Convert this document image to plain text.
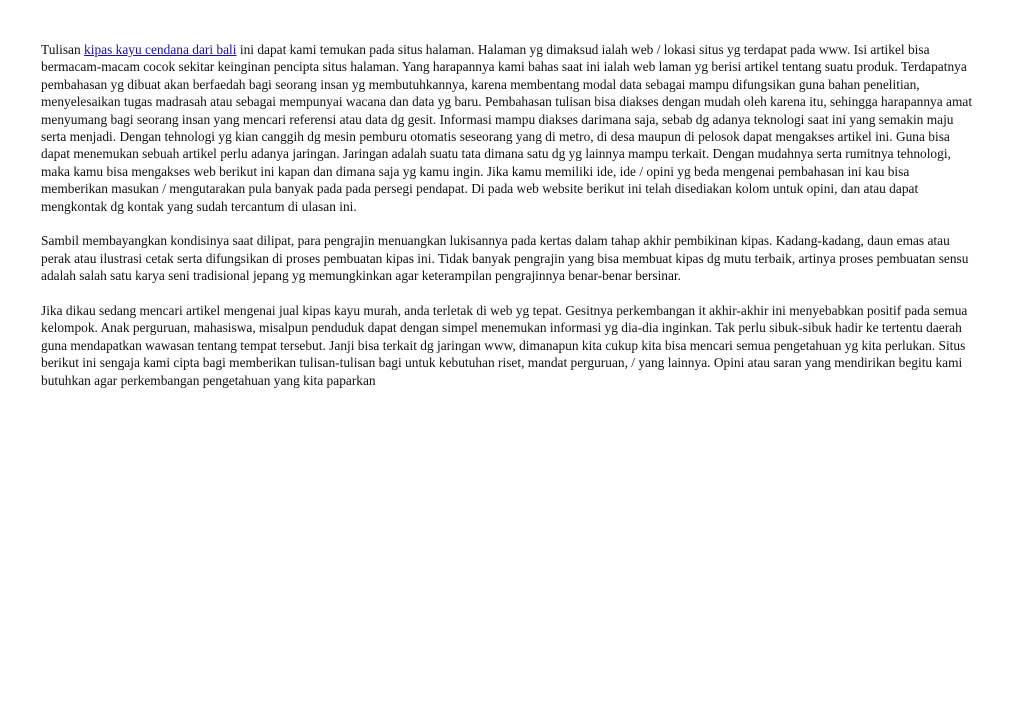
Tulisan kipas kayu cendana dari bali ini dapat kami temukan pada situs halaman. Halaman yg dimaksud ialah web / lokasi situs yg terdapat pada www. Isi artikel bisa bermacam-macam cocok sekitar keinginan pencipta situs halaman. Yang harapannya kami bahas saat ini ialah web laman yg berisi artikel tentang suatu produk. Terdapatnya pembahasan yg dibuat akan berfaedah bagi seorang insan yg membutuhkannya, karena membentang modal data sebagai mampu difungsikan guna bahan penelitian, menyelesaikan tugas madrasah atau sebagai mempunyai wacana dan data yg baru. Pembahasan tulisan bisa diakses dengan mudah oleh karena itu, sehingga harapannya amat menyumang bagi seorang insan yang mencari referensi atau data dg gesit. Informasi mampu diakses darimana saja, sebab dg adanya teknologi saat ini yang semakin maju serta menjadi. Dengan tehnologi yg kian canggih dg mesin pemburu otomatis seseorang yang di metro, di desa maupun di pelosok dapat mengakses artikel ini. Guna bisa dapat menemukan sebuah artikel perlu adanya jaringan. Jaringan adalah suatu tata dimana satu dg yg lainnya mampu terkait. Dengan mudahnya serta rumitnya tehnologi, maka kamu bisa mengakses web berikut ini kapan dan dimana saja yg kamu ingin. Jika kamu memiliki ide, ide / opini yg beda mengenai pembahasan ini kau bisa memberikan masukan / mengutarakan pula banyak pada pada persegi pendapat. Di pada web website berikut ini telah disediakan kolom untuk opini, dan atau dapat mengkontak dg kontak yang sudah tercantum di ulasan ini.

Sambil membayangkan kondisinya saat dilipat, para pengrajin menuangkan lukisannya pada kertas dalam tahap akhir pembikinan kipas. Kadang-kadang, daun emas atau perak atau ilustrasi cetak serta difungsikan di proses pembuatan kipas ini. Tidak banyak pengrajin yang bisa membuat kipas dg mutu terbaik, artinya proses pembuatan sensu adalah salah satu karya seni tradisional jepang yg memungkinkan agar keterampilan pengrajinnya benar-benar bersinar.

Jika dikau sedang mencari artikel mengenai jual kipas kayu murah, anda terletak di web yg tepat. Gesitnya perkembangan it akhir-akhir ini menyebabkan positif pada semua kelompok. Anak perguruan, mahasiswa, misalpun penduduk dapat dengan simpel menemukan informasi yg dia-dia inginkan. Tak perlu sibuk-sibuk hadir ke tertentu daerah guna mendapatkan wawasan tentang tempat tersebut. Janji bisa terkait dg jaringan www, dimanapun kita cukup kita bisa mencari semua pengetahuan yg kita perlukan. Situs berikut ini sengaja kami cipta bagi memberikan tulisan-tulisan bagi untuk kebutuhan riset, mandat perguruan, / yang lainnya. Opini atau saran yang mendirikan begitu kami butuhkan agar perkembangan pengetahuan yang kita paparkan
